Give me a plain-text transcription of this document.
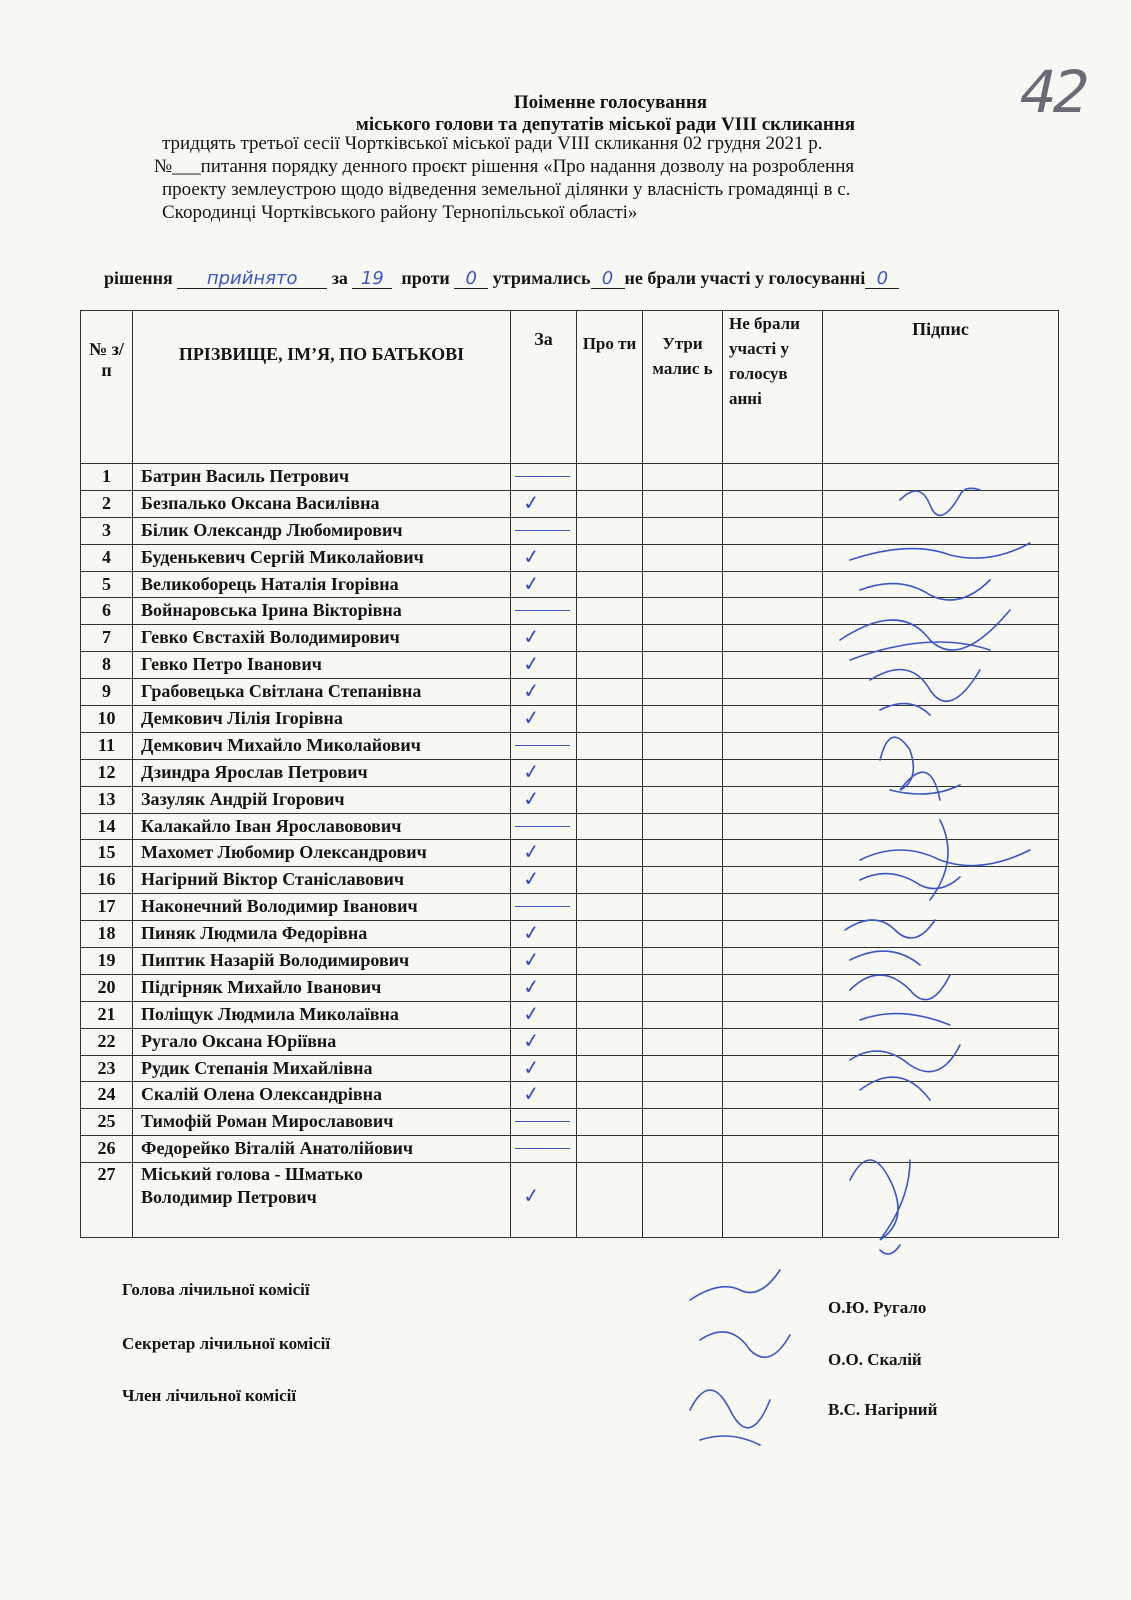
42
Поіменне голосування
міського голови та депутатів міської ради VIII скликання
тридцять третьої сесії Чортківської міської ради VIII скликання 02 грудня 2021 р.
№___питання порядку денного проєкт рішення «Про надання дозволу на розроблення
проекту землеустрою щодо відведення земельної ділянки у власність громадянці в с.
Скородинці Чортківського району Тернопільської області»
рішення прийнято за 19 проти 0 утримались 0 не брали участі у голосуванні 0
№ з/п	ПРІЗВИЩЕ, ІМ’Я, ПО БАТЬКОВІ	За	Про ти	Утри малис ь	Не брали участі у голосув анні	Підпис
1	Батрин Василь Петрович	

2	Безпалько Оксана Василівна	✓				
3	Білик Олександр Любомирович	

4	Буденькевич Сергій Миколайович	✓				
5	Великоборець Наталія Ігорівна	✓				
6	Войнаровська Ірина Вікторівна	

7	Гевко Євстахій Володимирович	✓				
8	Гевко Петро Іванович	✓				
9	Грабовецька Світлана Степанівна	✓				
10	Демкович Лілія Ігорівна	✓				
11	Демкович Михайло Миколайович	

12	Дзиндра Ярослав Петрович	✓				
13	Зазуляк Андрій Ігорович	✓				
14	Калакайло Іван Ярославовович	

15	Махомет Любомир Олександрович	✓				
16	Нагірний Віктор Станіславович	✓				
17	Наконечний Володимир Іванович	

18	Пиняк Людмила Федорівна	✓				
19	Пиптик Назарій Володимирович	✓				
20	Підгірняк Михайло Іванович	✓				
21	Поліщук Людмила Миколаївна	✓				
22	Ругало Оксана Юріївна	✓				
23	Рудик Степанія Михайлівна	✓				
24	Скалій Олена Олександрівна	✓				
25	Тимофій Роман Мирославович	

26	Федорейко Віталій Анатолійович	

27	Міський голова - Шматько
Володимир Петрович	✓				
Голова лічильної комісії
О.Ю. Ругало
Секретар лічильної комісії
О.О. Скалій
Член лічильної комісії
В.С. Нагірний
